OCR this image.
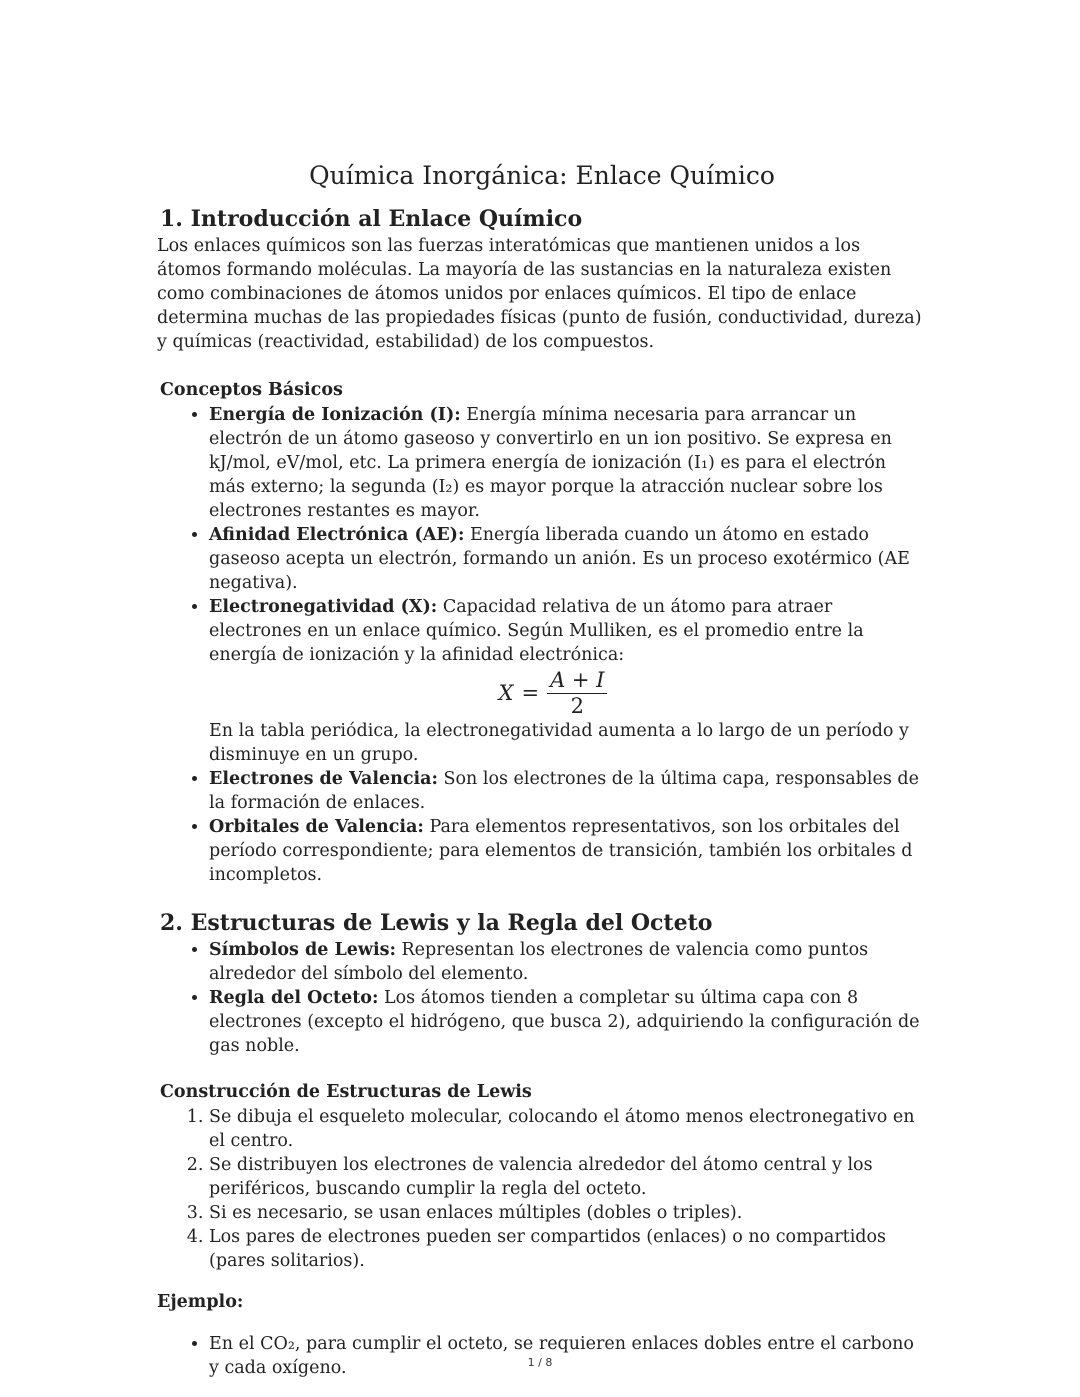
Química Inorgánica: Enlace Químico
1. Introducción al Enlace Químico

Los enlaces químicos son las fuerzas interatómicas que mantienen unidos a los átomos formando moléculas. La mayoría de las sustancias en la naturaleza existen como combinaciones de átomos unidos por enlaces químicos. El tipo de enlace determina muchas de las propiedades físicas (punto de fusión, conductividad, dureza) y químicas (reactividad, estabilidad) de los compuestos.

Conceptos Básicos
• Energía de Ionización (I): Energía mínima necesaria para arrancar un electrón de un átomo gaseoso y convertirlo en un ion positivo. Se expresa en kJ/mol, eV/mol, etc. La primera energía de ionización (I₁) es para el electrón más externo; la segunda (I₂) es mayor porque la atracción nuclear sobre los electrones restantes es mayor.
• Afinidad Electrónica (AE): Energía liberada cuando un átomo en estado gaseoso acepta un electrón, formando un anión. Es un proceso exotérmico (AE negativa).
• Electronegatividad (X): Capacidad relativa de un átomo para atraer electrones en un enlace químico. Según Mulliken, es el promedio entre la energía de ionización y la afinidad electrónica:
$X = \frac{A + I}{2}$
En la tabla periódica, la electronegatividad aumenta a lo largo de un período y disminuye en un grupo.
• Electrones de Valencia: Son los electrones de la última capa, responsables de la formación de enlaces.
• Orbitales de Valencia: Para elementos representativos, son los orbitales del período correspondiente; para elementos de transición, también los orbitales d incompletos.
2. Estructuras de Lewis y la Regla del Octeto
• Símbolos de Lewis: Representan los electrones de valencia como puntos alrededor del símbolo del elemento.
• Regla del Octeto: Los átomos tienden a completar su última capa con 8 electrones (excepto el hidrógeno, que busca 2), adquiriendo la configuración de gas noble.
Construcción de Estructuras de Lewis
1. Se dibuja el esqueleto molecular, colocando el átomo menos electronegativo en el centro.
2. Se distribuyen los electrones de valencia alrededor del átomo central y los periféricos, buscando cumplir la regla del octeto.
3. Si es necesario, se usan enlaces múltiples (dobles o triples).
4. Los pares de electrones pueden ser compartidos (enlaces) o no compartidos (pares solitarios).

Ejemplo:

• En el CO₂, para cumplir el octeto, se requieren enlaces dobles entre el carbono y cada oxígeno.	1 / 8
